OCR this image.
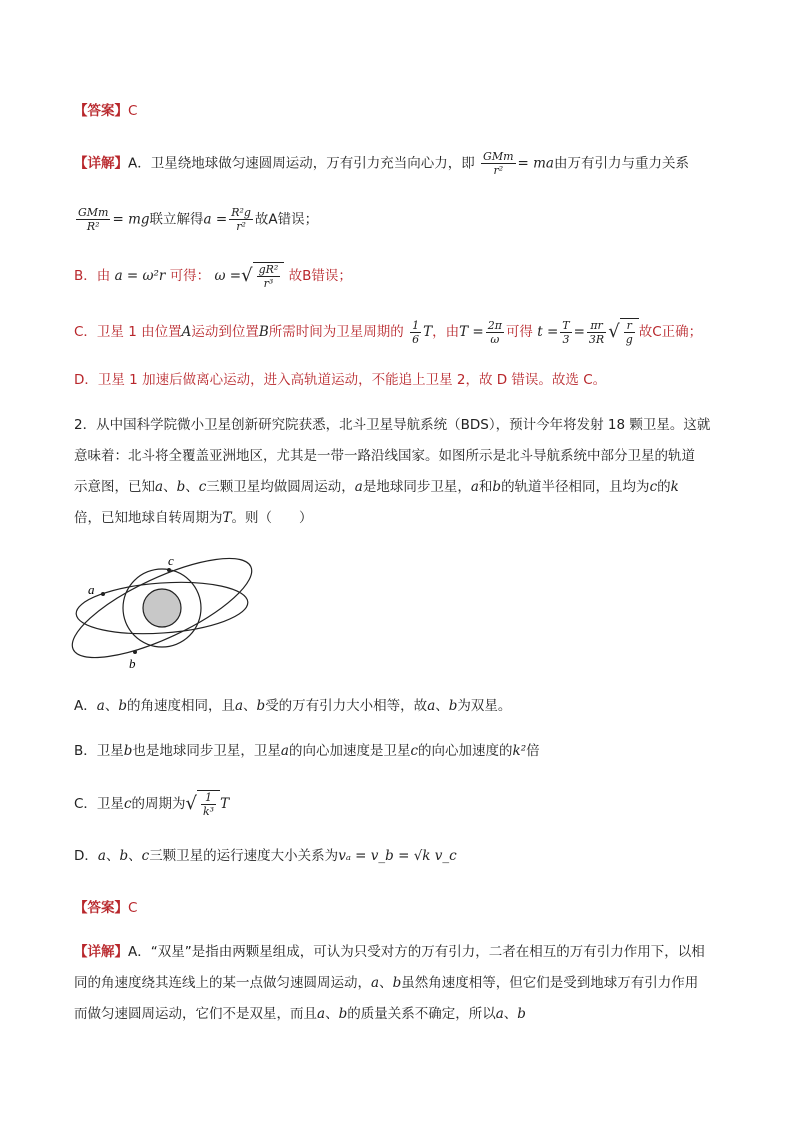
【答案】C
【详解】A．卫星绕地球做匀速圆周运动，万有引力充当向心力，即 $\frac{\text{GMm}}{\text{r²}}$ = ma由万有引力与重力关系
$\frac{\text{GMm}}{\text{R²}}$ = mg联立解得$a = \frac{\text{R²g}}{\text{r²}}$ 故A错误；
B．由 a = ω²r 可得： ω =√ $\frac{\text{gR²}}{\text{r³}}$ 故B错误；
C．卫星 1 由位置A运动到位置B所需时间为卫星周期的 $\frac{1}{6}$ T，由$T = \frac{2\pi}{\omega}$ 可得 $t = \frac{T}{3} = \frac{\pi r}{3R}$ √ $\frac{r}{g}$ 故C正确；
D．卫星 1 加速后做离心运动，进入高轨道运动，不能追上卫星 2，故 D 错误。故选 C。
2．从中国科学院微小卫星创新研究院获悉，北斗卫星导航系统（BDS），预计今年将发射 18 颗卫星。这就
意味着：北斗将全覆盖亚洲地区，尤其是一带一路沿线国家。如图所示是北斗导航系统中部分卫星的轨道
示意图，已知a、b、c三颗卫星均做圆周运动，a是地球同步卫星，a和b的轨道半径相同，且均为c的k
倍，已知地球自转周期为T。则（　　）
a
c
b
A．a、b的角速度相同，且a、b受的万有引力大小相等，故a、b为双星。
B．卫星b也是地球同步卫星，卫星a的向心加速度是卫星c的向心加速度的k²倍
C．卫星c的周期为√ $\frac{1}{\text{k³}}$ T
D．a、b、c三颗卫星的运行速度大小关系为vₐ = v_b = √k v_c
【答案】C
【详解】A．“双星”是指由两颗星组成，可认为只受对方的万有引力，二者在相互的万有引力作用下，以相
同的角速度绕其连线上的某一点做匀速圆周运动，a、b虽然角速度相等，但它们是受到地球万有引力作用
而做匀速圆周运动，它们不是双星，而且a、b的质量关系不确定，所以a、b
